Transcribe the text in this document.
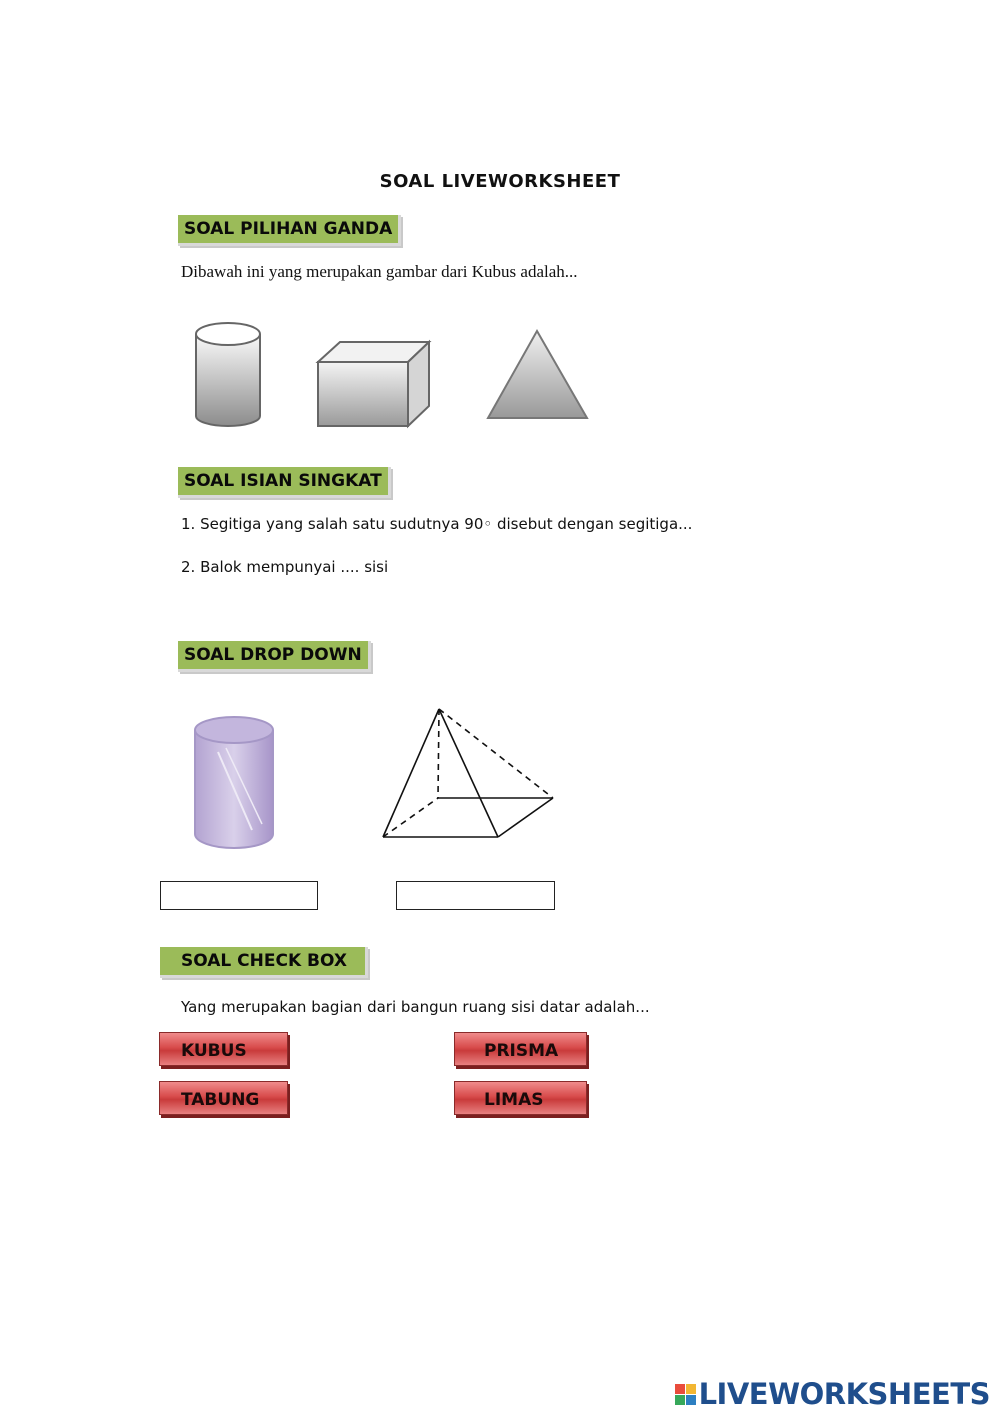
SOAL LIVEWORKSHEET
SOAL PILIHAN GANDA
Dibawah ini yang merupakan gambar dari Kubus adalah...
SOAL ISIAN SINGKAT
1. Segitiga yang salah satu sudutnya 90◦ disebut dengan segitiga...
2. Balok mempunyai .... sisi
SOAL DROP DOWN
SOAL CHECK BOX
Yang merupakan bagian dari bangun ruang sisi datar adalah...
KUBUS	PRISMA
TABUNG	LIMAS
LIVEWORKSHEETS
